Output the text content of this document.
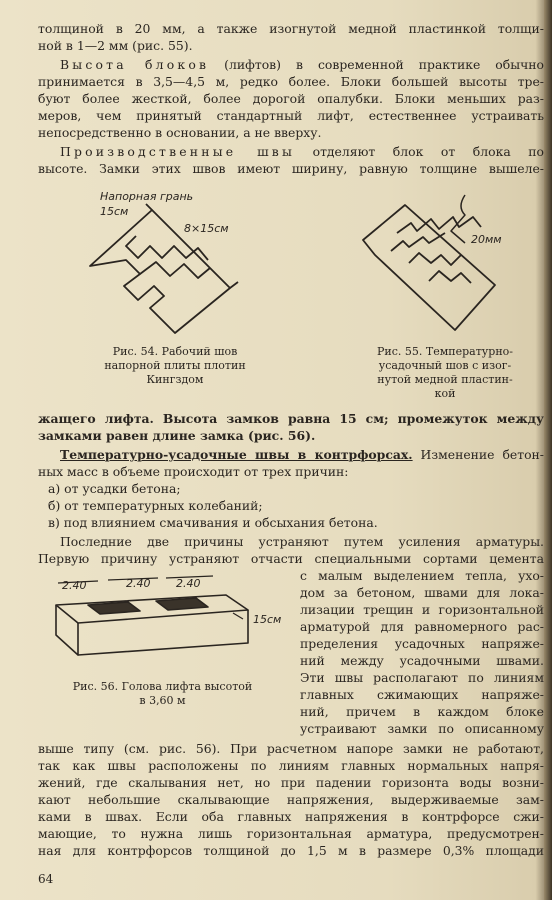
толщиной в 20 мм, а также изогнутой медной пластинкой толщи-
ной в 1—2 мм (рис. 55).
Высота блоков (лифтов) в современной практике обычно
принимается в 3,5—4,5 м, редко более. Блоки большей высоты тре-
буют более жесткой, более дорогой опалубки. Блоки меньших раз-
меров, чем принятый стандартный лифт, естественнее устраивать
непосредственно в основании, а не вверху.
Производственные швы отделяют блок от блока по
высоте. Замки этих швов имеют ширину, равную толщине вышеле-
Напорная грань
15см
8×15см
Рис. 54. Рабочий шов
напорной плиты плотин
Кингздом
20мм
Рис. 55. Температурно-
усадочный шов с изог-
нутой медной пластин-
кой
жащего лифта. Высота замков равна 15 см; промежуток между
замками равен длине замка (рис. 56).
Температурно-усадочные швы в контрфорсах. Изменение бетон-
ных масс в объеме происходит от трех причин:
а) от усадки бетона;
б) от температурных колебаний;
в) под влиянием смачивания и обсыхания бетона.
Последние две причины устраняют путем усиления арматуры.
Первую причину устраняют отчасти специальными сортами цемента
2.40	2.40 2.40
15см
Рис. 56. Голова лифта высотой
в 3,60 м
с малым выделением тепла, ухо-
дом за бетоном, швами для лока-
лизации трещин и горизонтальной
арматурой для равномерного рас-
пределения усадочных напряже-
ний между усадочными швами.
Эти швы располагают по линиям
главных сжимающих напряже-
ний, причем в каждом блоке
устраивают замки по описанному
выше типу (см. рис. 56). При расчетном напоре замки не работают,
так как швы расположены по линиям главных нормальных напря-
жений, где скалывания нет, но при падении горизонта воды возни-
кают небольшие скалывающие напряжения, выдерживаемые зам-
ками в швах. Если оба главных напряжения в контрфорсе сжи-
мающие, то нужна лишь горизонтальная арматура, предусмотрен-
ная для контрфорсов толщиной до 1,5 м в размере 0,3% площади
64
